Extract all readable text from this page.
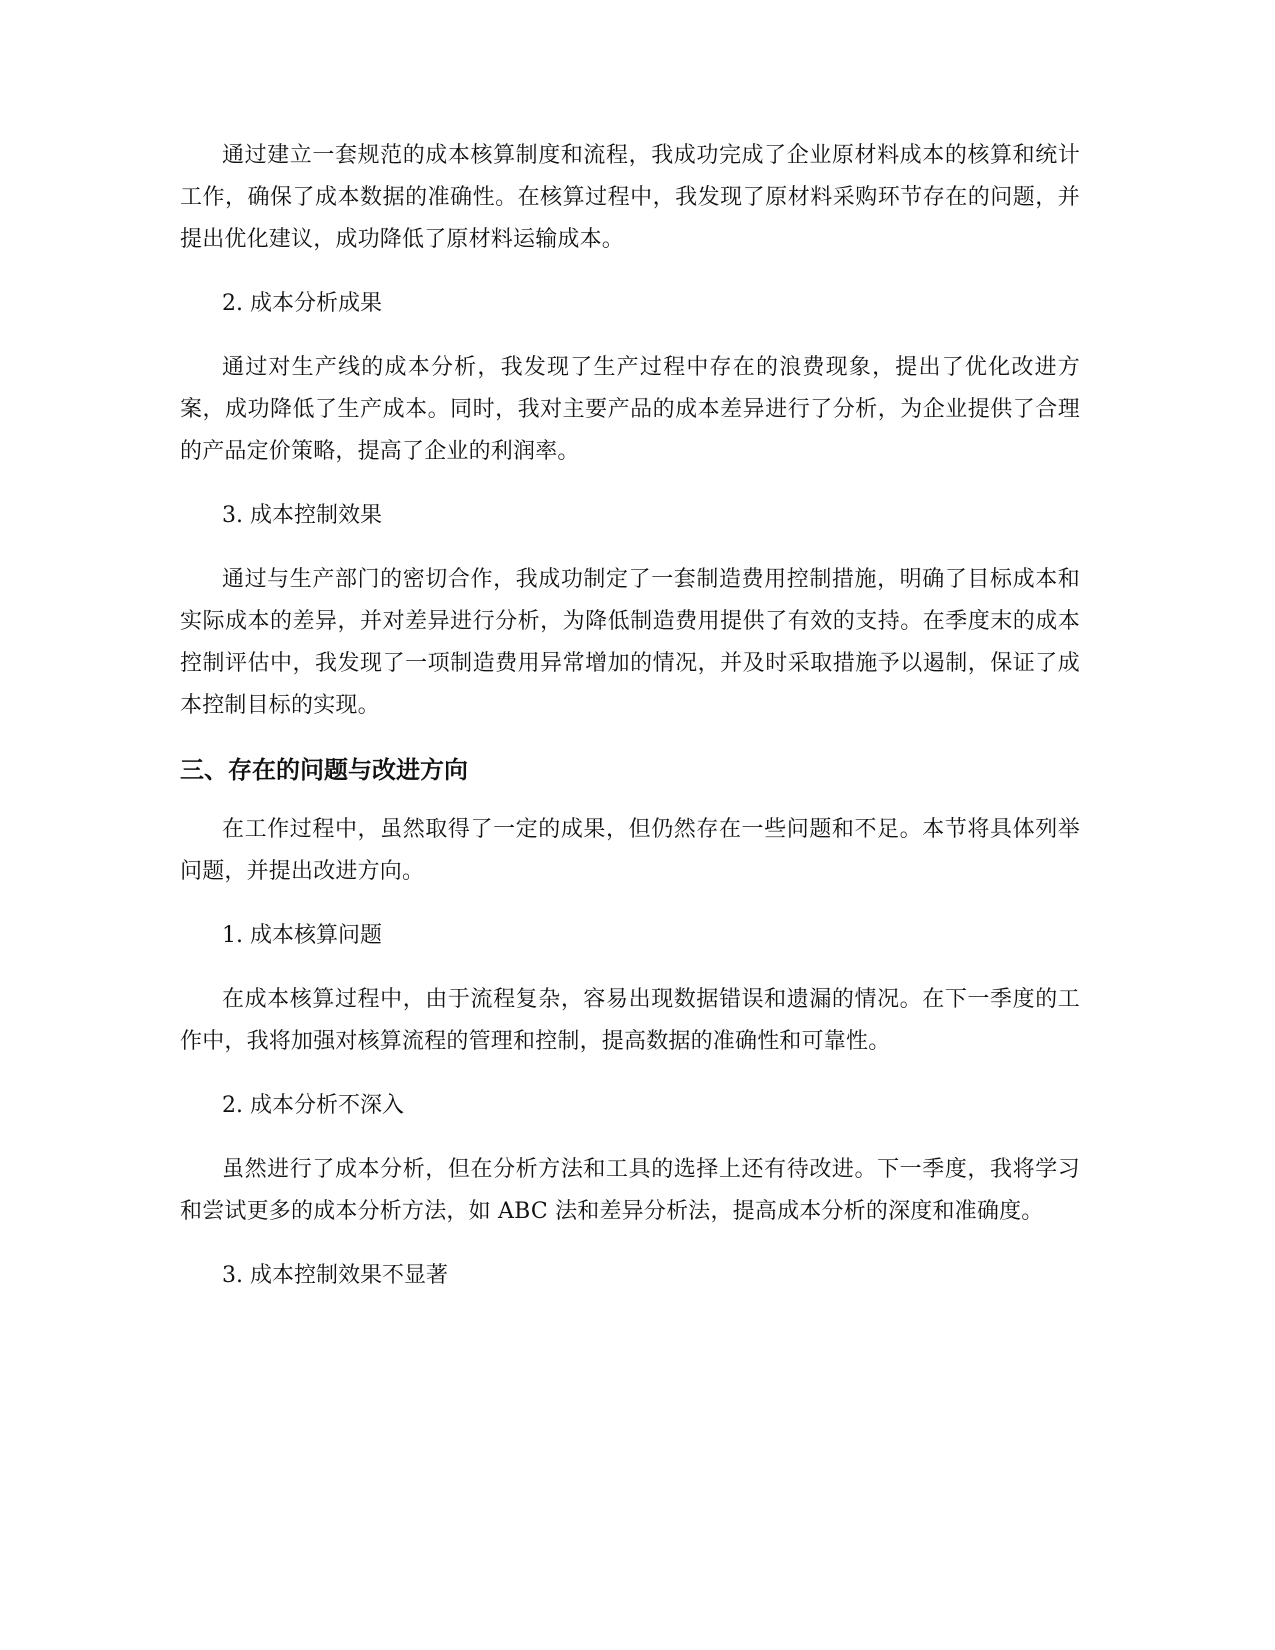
通过建立一套规范的成本核算制度和流程，我成功完成了企业原材料成本的核算和统计工作，确保了成本数据的准确性。在核算过程中，我发现了原材料采购环节存在的问题，并提出优化建议，成功降低了原材料运输成本。

2. 成本分析成果

通过对生产线的成本分析，我发现了生产过程中存在的浪费现象，提出了优化改进方案，成功降低了生产成本。同时，我对主要产品的成本差异进行了分析，为企业提供了合理的产品定价策略，提高了企业的利润率。

3. 成本控制效果

通过与生产部门的密切合作，我成功制定了一套制造费用控制措施，明确了目标成本和实际成本的差异，并对差异进行分析，为降低制造费用提供了有效的支持。在季度末的成本控制评估中，我发现了一项制造费用异常增加的情况，并及时采取措施予以遏制，保证了成本控制目标的实现。

三、存在的问题与改进方向

在工作过程中，虽然取得了一定的成果，但仍然存在一些问题和不足。本节将具体列举问题，并提出改进方向。

1. 成本核算问题

在成本核算过程中，由于流程复杂，容易出现数据错误和遗漏的情况。在下一季度的工作中，我将加强对核算流程的管理和控制，提高数据的准确性和可靠性。

2. 成本分析不深入

虽然进行了成本分析，但在分析方法和工具的选择上还有待改进。下一季度，我将学习和尝试更多的成本分析方法，如 ABC 法和差异分析法，提高成本分析的深度和准确度。

3. 成本控制效果不显著
